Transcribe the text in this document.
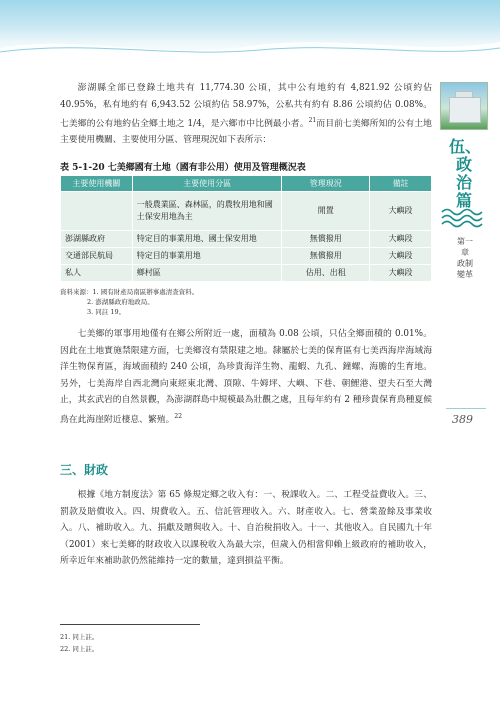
伍、政治篇
第一章 政制變革
389

澎湖縣全部已登錄土地共有 11,774.30 公頃，其中公有地約有 4,821.92 公頃約佔 40.95%，私有地約有 6,943.52 公頃約佔 58.97%，公私共有約有 8.86 公頃約佔 0.08%。七美鄉的公有地約佔全鄉土地之 1/4，是六鄉市中比例最小者。$^{21}$而目前七美鄉所知的公有土地主要使用機關、主要使用分區、管理現況如下表所示：

表 5-1-20 七美鄉國有土地（國有非公用）使用及管理概況表
主要使用機關	主要使用分區	管理現況	備註
	一般農業區、森林區，的農牧用地和國土保安用地為主	閒置	大嶼段
澎湖縣政府	特定目的事業用地、國土保安用地	無償撥用	大嶼段
交通部民航局	特定目的事業用地	無償撥用	大嶼段
私人	鄉村區	佔用、出租	大嶼段
資料來源：1. 國有財產局南區辦事處清查資料。
2. 澎湖縣政府地政局。
3. 同註 19。

七美鄉的軍事用地僅有在鄉公所附近一處，面積為 0.08 公頃，只佔全鄉面積的 0.01%。因此在土地實施禁限建方面，七美鄉沒有禁限建之地。隸屬於七美的保育區有七美西海岸海域海洋生物保育區，海域面積約 240 公頃，為珍貴海洋生物、龍蝦、九孔、鐘螺、海膽的生育地。另外，七美海岸自西北灣向東經東北灣、頂隙、牛姆坪、大嶼、下巷、朝鯉港、望夫石至大灣止，其玄武岩的自然景觀，為澎湖群島中規模最為壯觀之處，且每年約有 2 種珍貴保育鳥種夏候鳥在此海崖附近棲息、繁殖。$^{22}$

三、財政

根據《地方制度法》第 65 條規定鄉之收入有：一、稅課收入。二、工程受益費收入。三、罰款及賠償收入。四、規費收入。五、信託管理收入。六、財產收入。七、營業盈餘及事業收入。八、補助收入。九、捐獻及贈與收入。十、自治稅捐收入。十一、其他收入。自民國九十年（2001）來七美鄉的財政收入以課稅收入為最大宗，但歲入仍相當仰賴上級政府的補助收入，所幸近年來補助款仍然能維持一定的數量，達到損益平衡。

21. 同上註。
22. 同上註。
